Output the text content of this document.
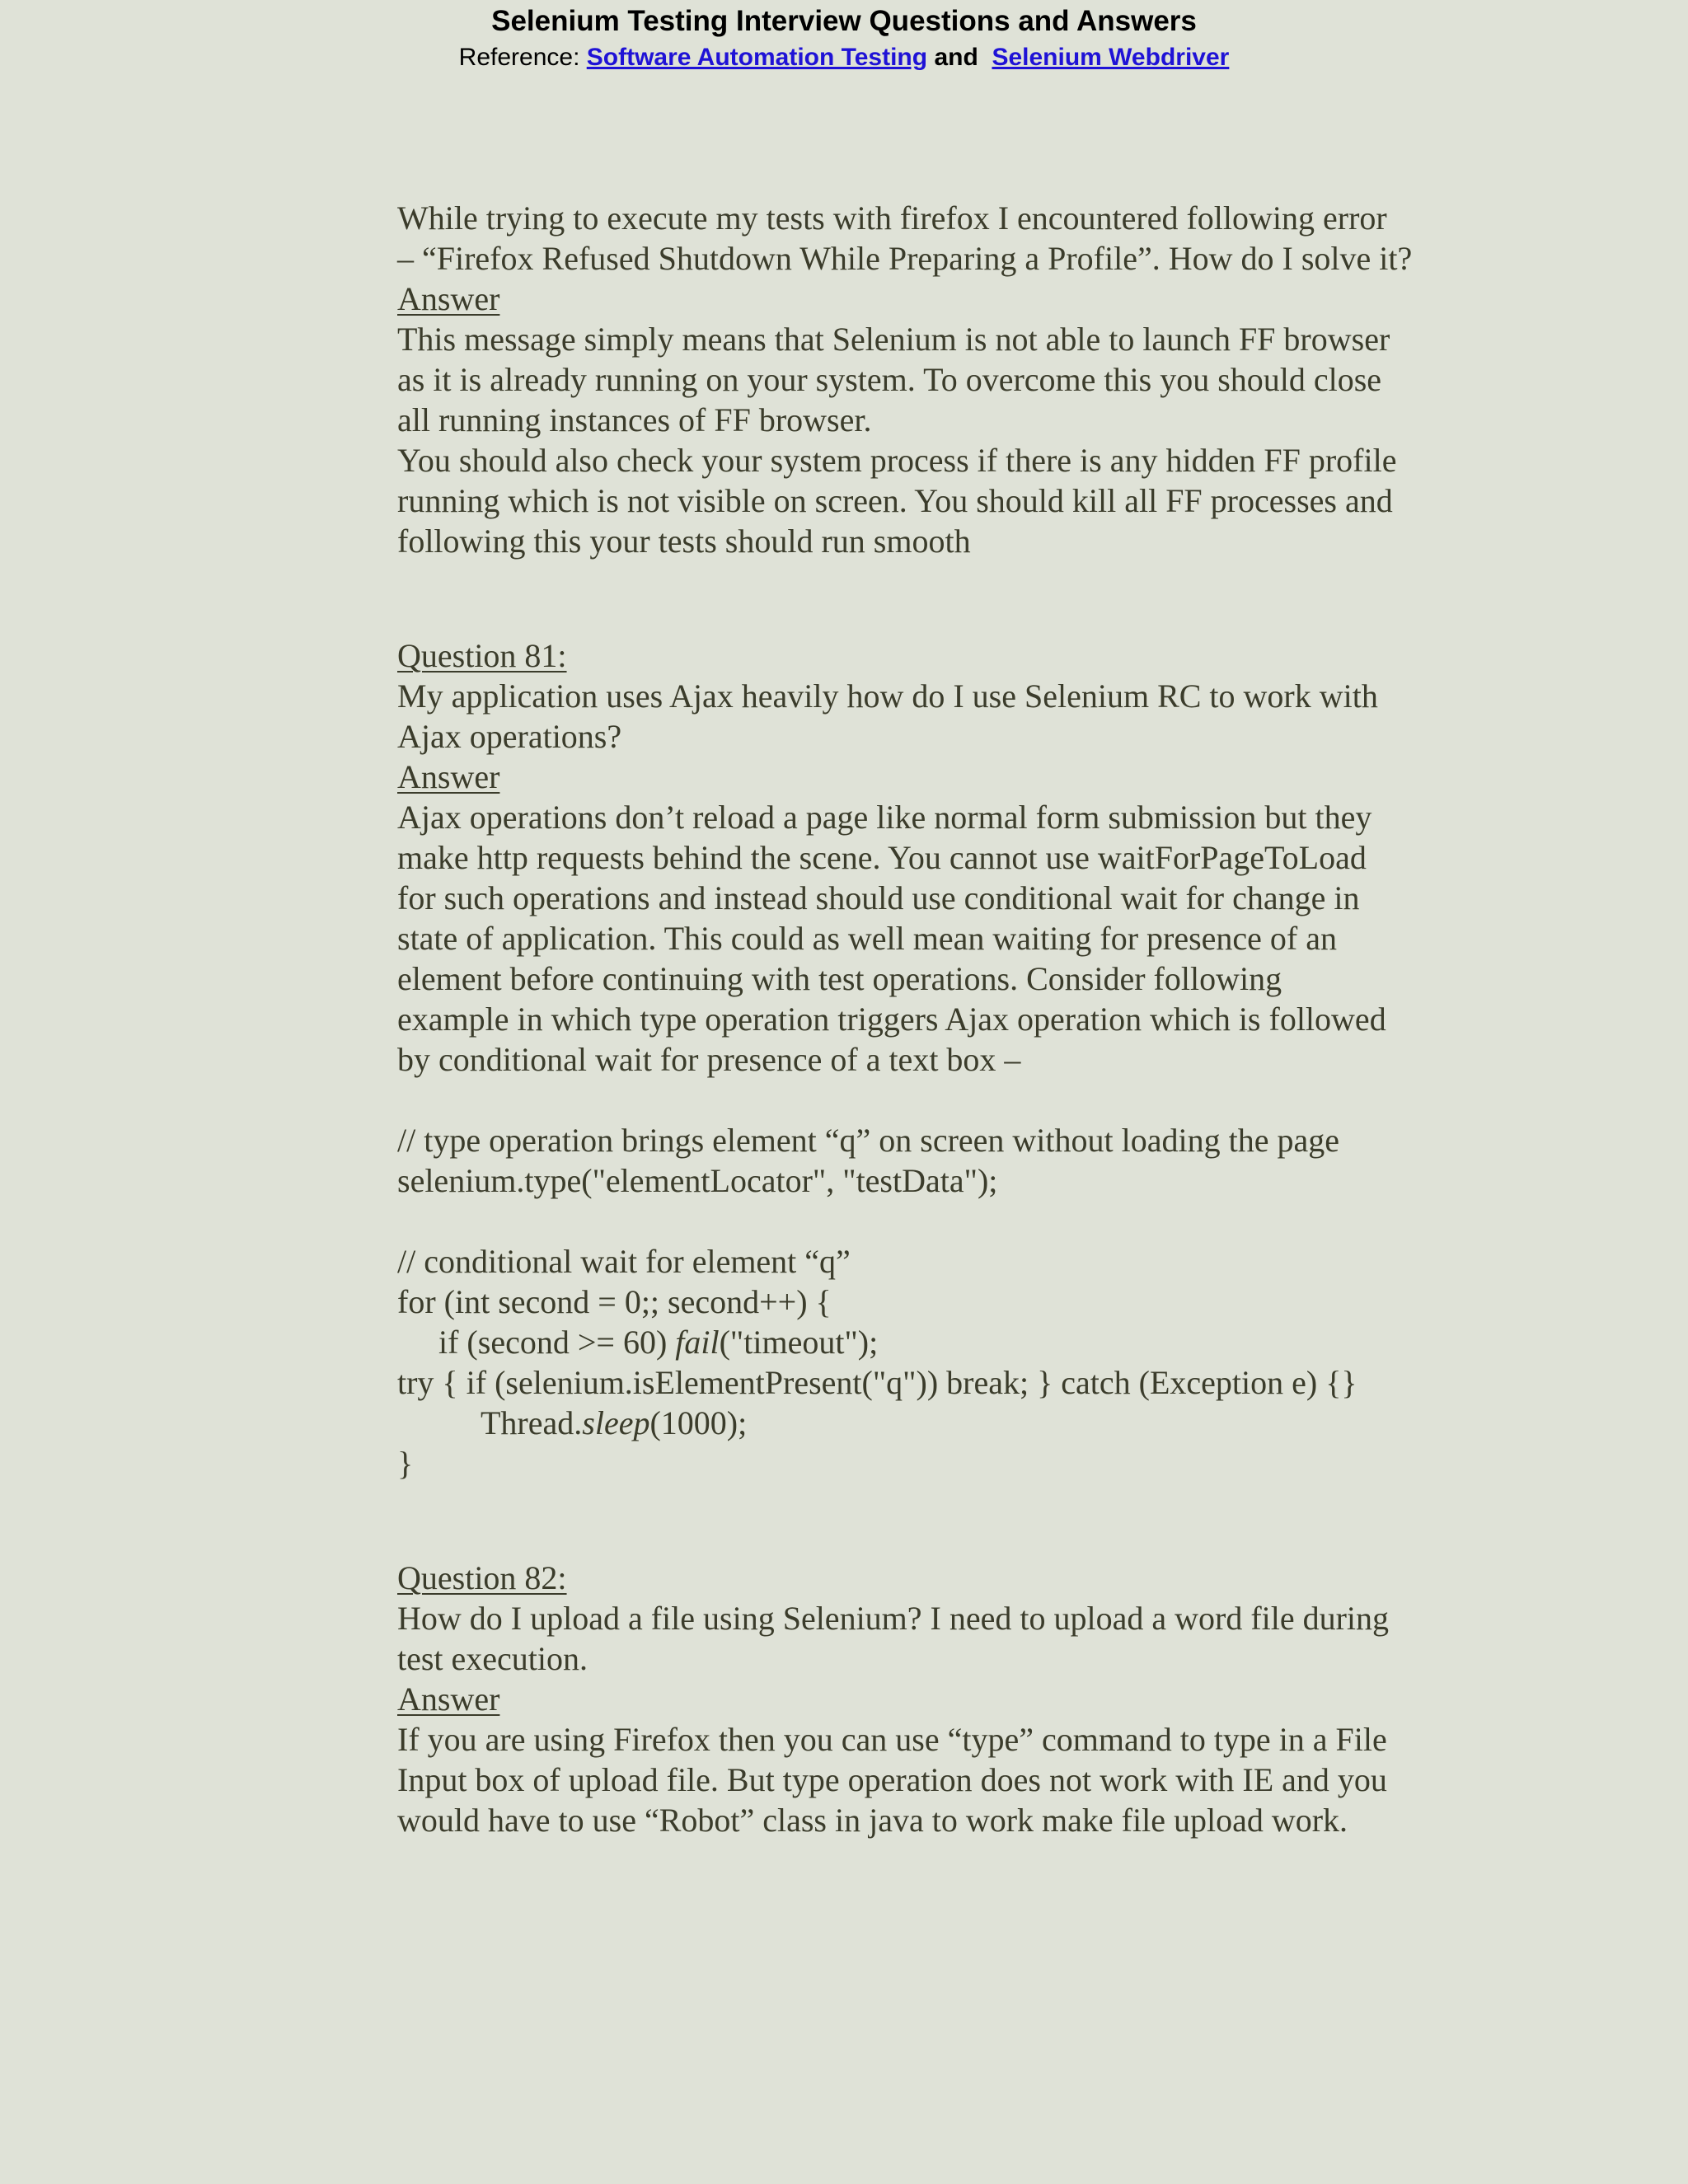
Selenium Testing Interview Questions and Answers
Reference: Software Automation Testing and Selenium Webdriver
While trying to execute my tests with firefox I encountered following error
– “Firefox Refused Shutdown While Preparing a Profile”. How do I solve it?
Answer
This message simply means that Selenium is not able to launch FF browser
as it is already running on your system. To overcome this you should close
all running instances of FF browser.
You should also check your system process if there is any hidden FF profile
running which is not visible on screen. You should kill all FF processes and
following this your tests should run smooth
Question 81:
My application uses Ajax heavily how do I use Selenium RC to work with
Ajax operations?
Answer
Ajax operations don’t reload a page like normal form submission but they
make http requests behind the scene. You cannot use waitForPageToLoad
for such operations and instead should use conditional wait for change in
state of application. This could as well mean waiting for presence of an
element before continuing with test operations. Consider following
example in which type operation triggers Ajax operation which is followed
by conditional wait for presence of a text box –
// type operation brings element “q” on screen without loading the page
selenium.type("elementLocator", "testData");
// conditional wait for element “q”
for (int second = 0;; second++) {
if (second >= 60) fail("timeout");
try { if (selenium.isElementPresent("q")) break; } catch (Exception e) {}
Thread.sleep(1000);
}
Question 82:
How do I upload a file using Selenium? I need to upload a word file during
test execution.
Answer
If you are using Firefox then you can use “type” command to type in a File
Input box of upload file. But type operation does not work with IE and you
would have to use “Robot” class in java to work make file upload work.
